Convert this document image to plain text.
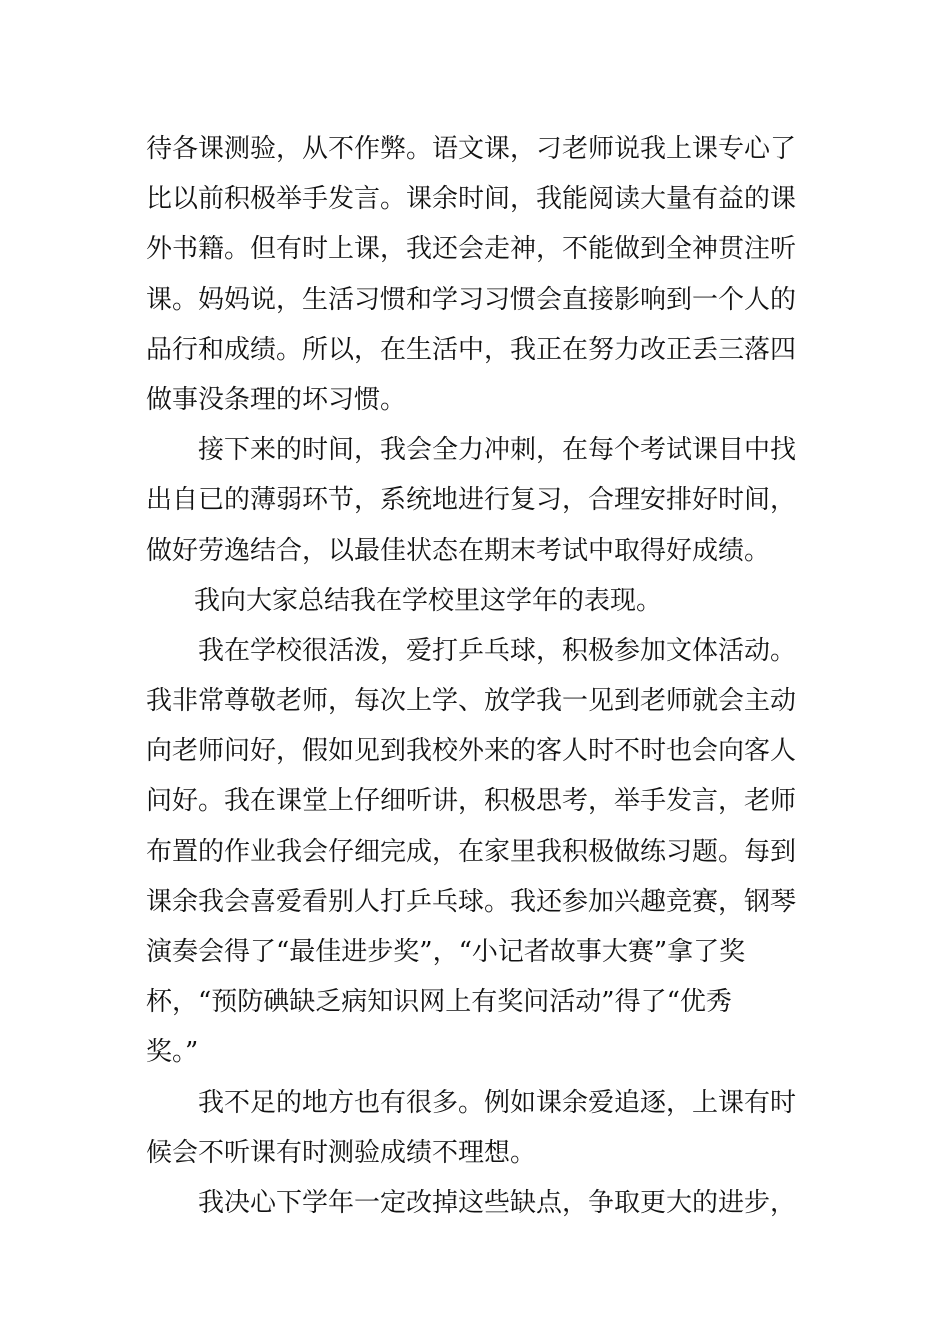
待各课测验，从不作弊。语文课，刁老师说我上课专心了
比以前积极举手发言。课余时间，我能阅读大量有益的课
外书籍。但有时上课，我还会走神，不能做到全神贯注听
课。妈妈说，生活习惯和学习习惯会直接影响到一个人的
品行和成绩。所以，在生活中，我正在努力改正丢三落四
做事没条理的坏习惯。
接下来的时间，我会全力冲刺，在每个考试课目中找
出自已的薄弱环节，系统地进行复习，合理安排好时间，
做好劳逸结合，以最佳状态在期末考试中取得好成绩。
我向大家总结我在学校里这学年的表现。
我在学校很活泼，爱打乒乓球，积极参加文体活动。
我非常尊敬老师，每次上学、放学我一见到老师就会主动
向老师问好，假如见到我校外来的客人时不时也会向客人
问好。我在课堂上仔细听讲，积极思考，举手发言，老师
布置的作业我会仔细完成，在家里我积极做练习题。每到
课余我会喜爱看别人打乒乓球。我还参加兴趣竞赛，钢琴
演奏会得了“最佳进步奖”，“小记者故事大赛”拿了奖
杯，“预防碘缺乏病知识网上有奖问活动”得了“优秀
奖。”
我不足的地方也有很多。例如课余爱追逐，上课有时
候会不听课有时测验成绩不理想。
我决心下学年一定改掉这些缺点，争取更大的进步，
